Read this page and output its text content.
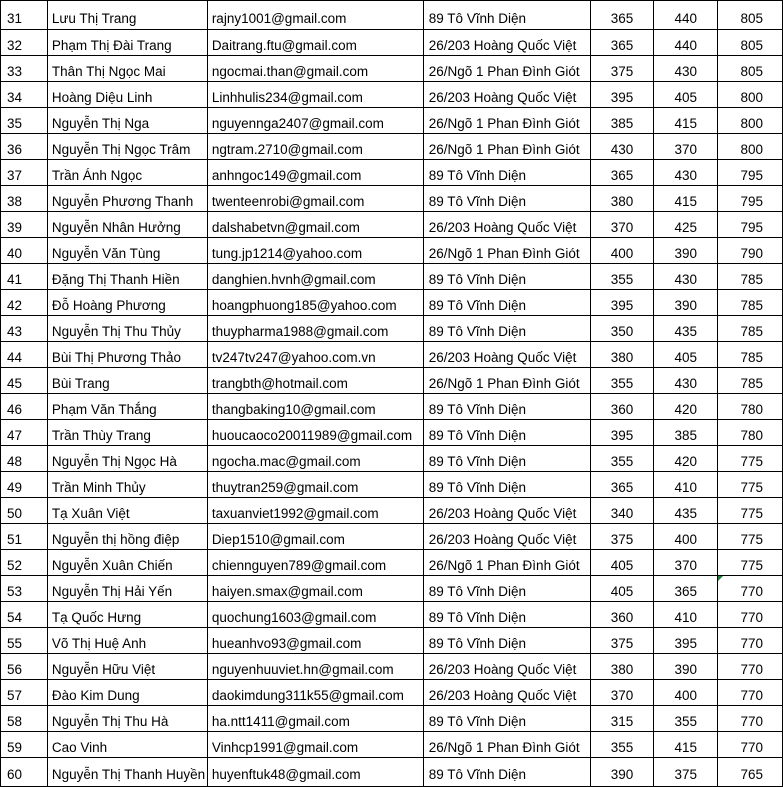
31	Lưu Thị Trang	rajny1001@gmail.com	89 Tô Vĩnh Diện	365	440	805

32	Phạm Thị Đài Trang	Daitrang.ftu@gmail.com	26/203 Hoàng Quốc Việt	365	440	805

33	Thân Thị Ngọc Mai	ngocmai.than@gmail.com	26/Ngõ 1 Phan Đình Giót	375	430	805

34	Hoàng Diệu Linh	Linhhulis234@gmail.com	26/203 Hoàng Quốc Việt	395	405	800

35	Nguyễn Thị Nga	nguyennga2407@gmail.com	26/Ngõ 1 Phan Đình Giót	385	415	800

36	Nguyễn Thị Ngọc Trâm	ngtram.2710@gmail.com	26/Ngõ 1 Phan Đình Giót	430	370	800

37	Trần Ánh Ngọc	anhngoc149@gmail.com	89 Tô Vĩnh Diện	365	430	795

38	Nguyễn Phương Thanh	twenteenrobi@gmail.com	89 Tô Vĩnh Diện	380	415	795

39	Nguyễn Nhân Hưởng	dalshabetvn@gmail.com	26/203 Hoàng Quốc Việt	370	425	795

40	Nguyễn Văn Tùng	tung.jp1214@yahoo.com	26/Ngõ 1 Phan Đình Giót	400	390	790

41	Đặng Thị Thanh Hiền	danghien.hvnh@gmail.com	89 Tô Vĩnh Diện	355	430	785

42	Đỗ Hoàng Phương	hoangphuong185@yahoo.com	89 Tô Vĩnh Diện	395	390	785

43	Nguyễn Thị Thu Thủy	thuypharma1988@gmail.com	89 Tô Vĩnh Diện	350	435	785

44	Bùi Thị Phương Thảo	tv247tv247@yahoo.com.vn	26/203 Hoàng Quốc Việt	380	405	785

45	Bùi Trang	trangbth@hotmail.com	26/Ngõ 1 Phan Đình Giót	355	430	785

46	Phạm Văn Thắng	thangbaking10@gmail.com	89 Tô Vĩnh Diện	360	420	780

47	Trần Thùy Trang	huoucaoco20011989@gmail.com	89 Tô Vĩnh Diện	395	385	780

48	Nguyễn Thị Ngọc Hà	ngocha.mac@gmail.com	89 Tô Vĩnh Diện	355	420	775

49	Trần Minh Thủy	thuytran259@gmail.com	89 Tô Vĩnh Diện	365	410	775

50	Tạ Xuân Việt	taxuanviet1992@gmail.com	26/203 Hoàng Quốc Việt	340	435	775

51	Nguyễn thị hồng điệp	Diep1510@gmail.com	26/203 Hoàng Quốc Việt	375	400	775

52	Nguyễn Xuân Chiến	chiennguyen789@gmail.com	26/Ngõ 1 Phan Đình Giót	405	370	775

53	Nguyễn Thị Hải Yến	haiyen.smax@gmail.com	89 Tô Vĩnh Diện	405	365	770

54	Tạ Quốc Hưng	quochung1603@gmail.com	89 Tô Vĩnh Diện	360	410	770

55	Võ Thị Huệ Anh	hueanhvo93@gmail.com	89 Tô Vĩnh Diện	375	395	770

56	Nguyễn Hữu Việt	nguyenhuuviet.hn@gmail.com	26/203 Hoàng Quốc Việt	380	390	770

57	Đào Kim Dung	daokimdung311k55@gmail.com	26/203 Hoàng Quốc Việt	370	400	770

58	Nguyễn Thị Thu Hà	ha.ntt1411@gmail.com	89 Tô Vĩnh Diện	315	355	770

59	Cao Vinh	Vinhcp1991@gmail.com	26/Ngõ 1 Phan Đình Giót	355	415	770

60	Nguyễn Thị Thanh Huyền	huyenftuk48@gmail.com	89 Tô Vĩnh Diện	390	375	765
